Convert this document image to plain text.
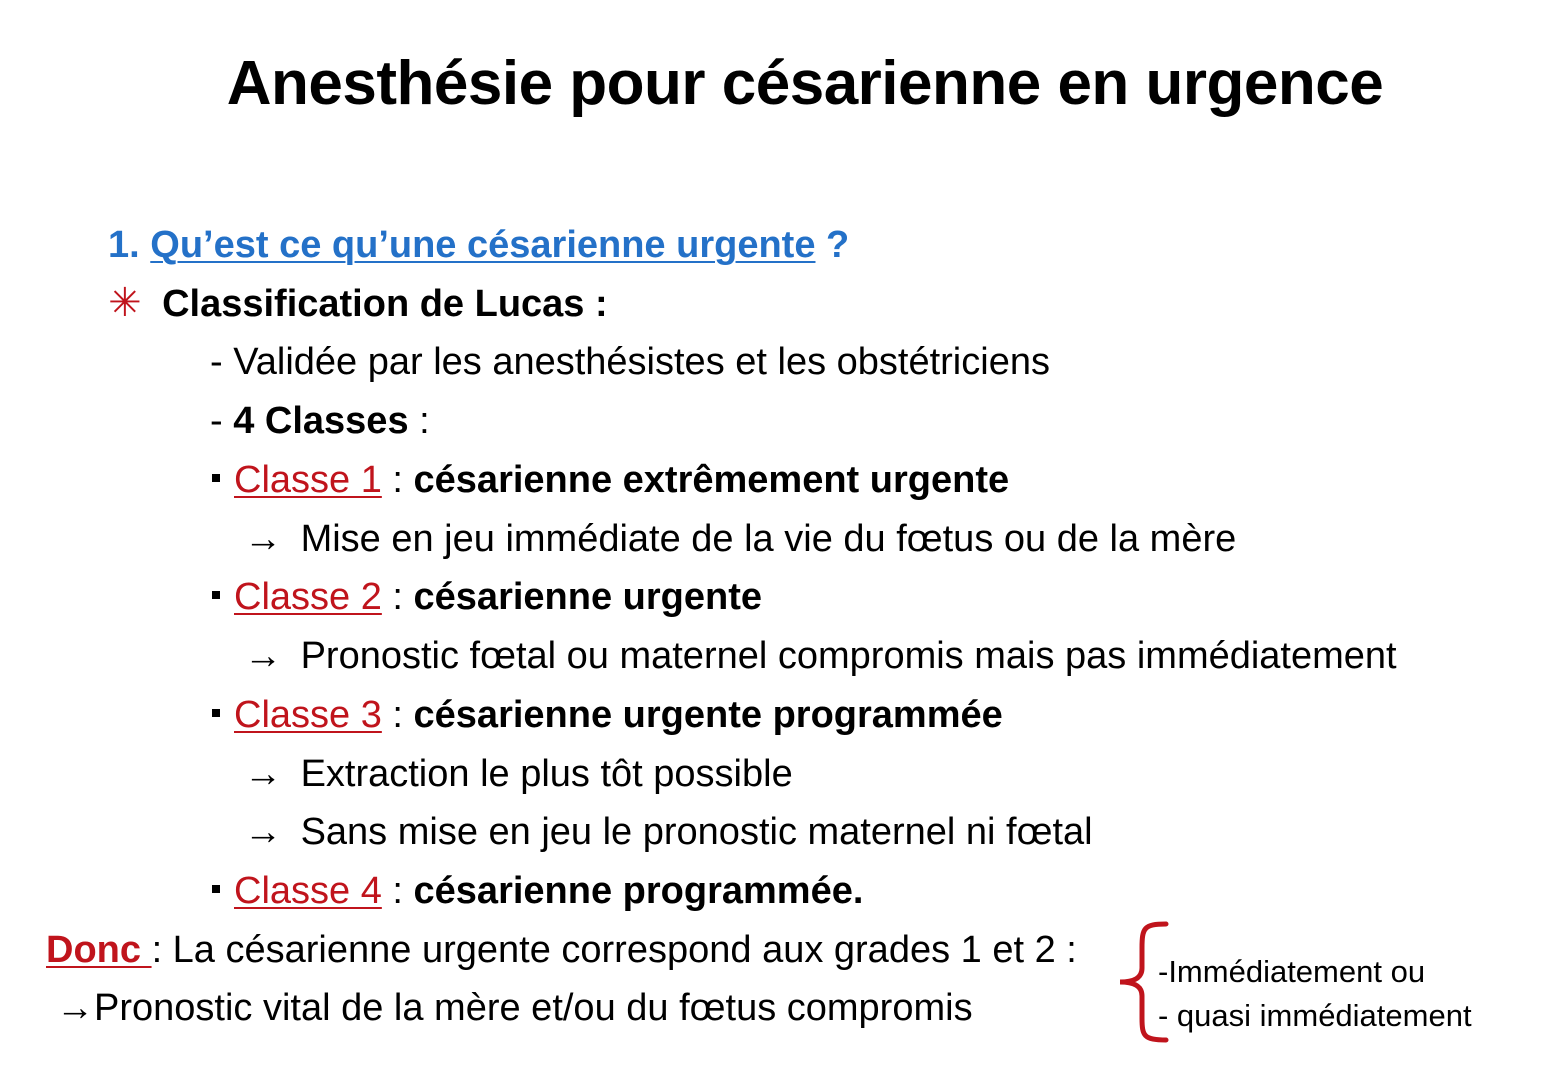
Anesthésie pour césarienne en urgence
1. Qu’est ce qu’une césarienne urgente ?
✳ Classification de Lucas :
- Validée par les anesthésistes et les obstétriciens
- 4 Classes :
Classe 1 : césarienne extrêmement urgente
→ Mise en jeu immédiate de la vie du fœtus ou de la mère
Classe 2 : césarienne urgente
→ Pronostic fœtal ou maternel compromis mais pas immédiatement
Classe 3 : césarienne urgente programmée
→ Extraction le plus tôt possible
→ Sans mise en jeu le pronostic maternel ni fœtal
Classe 4 : césarienne programmée.
Donc : La césarienne urgente correspond aux grades 1 et 2 :
→Pronostic vital de la mère et/ou du fœtus compromis
-Immédiatement ou
- quasi immédiatement
